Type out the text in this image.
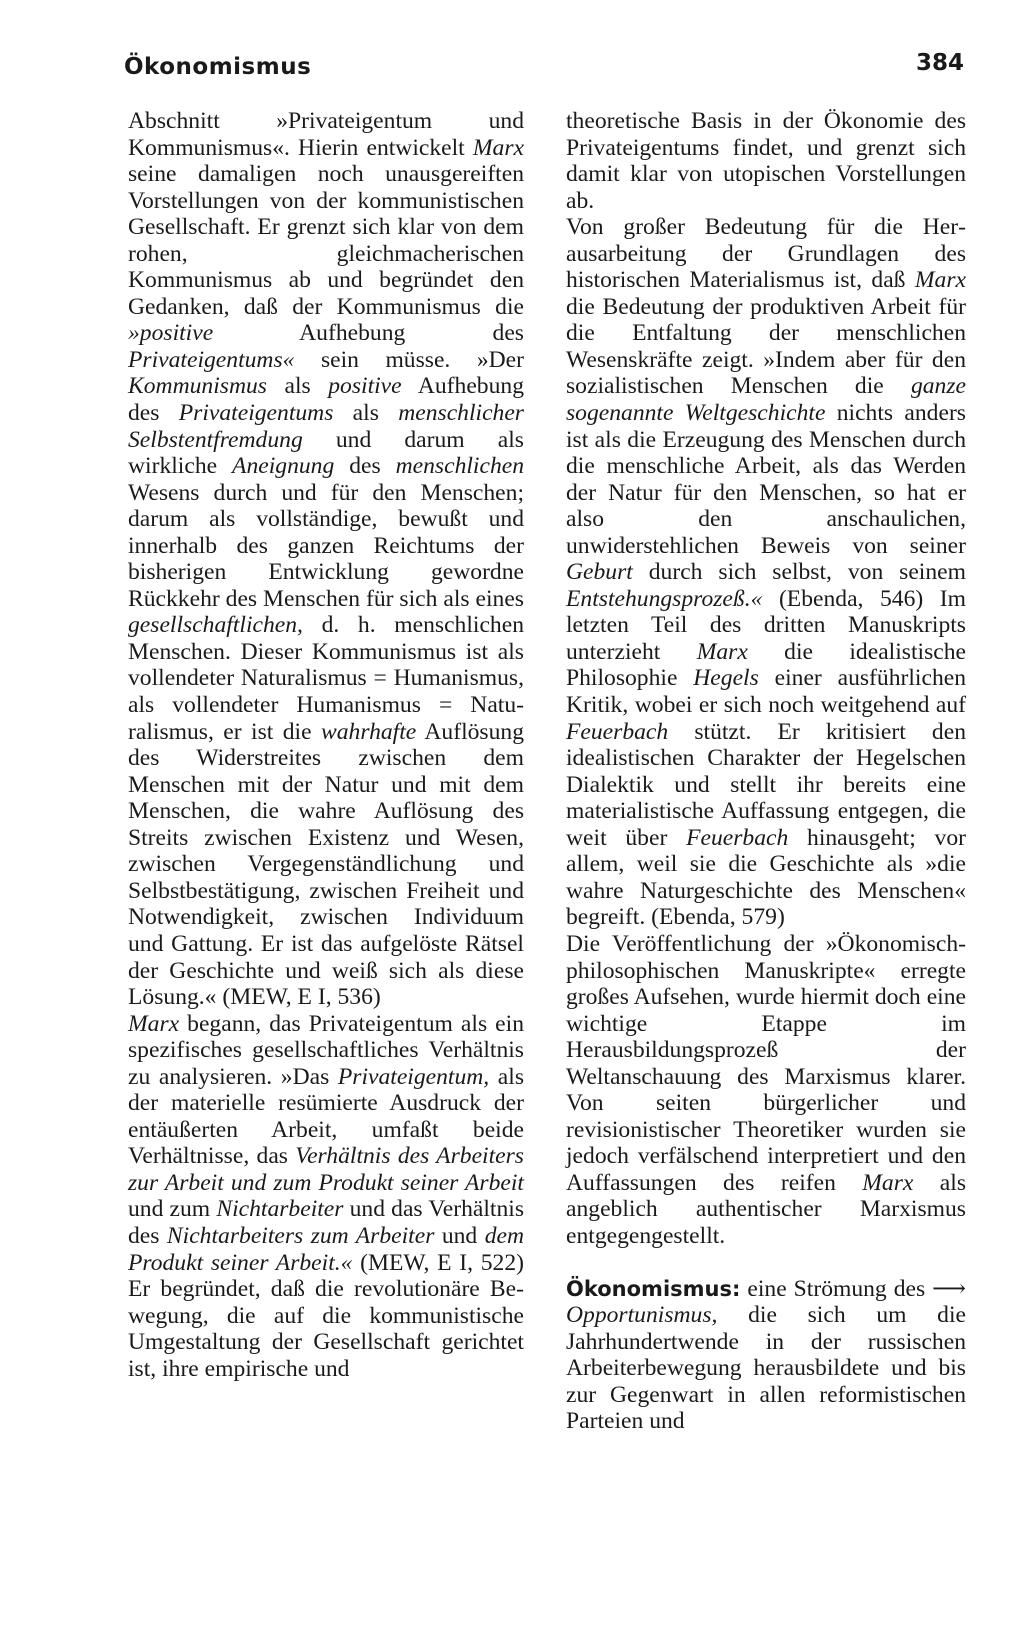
Ökonomismus	384

Abschnitt »Privateigentum und Kommunismus«. Hierin entwickelt Marx seine damaligen noch unausgereiften Vorstellungen von der kommunistischen Gesellschaft. Er grenzt sich klar von dem rohen, gleichmacherischen Kommunismus ab und begründet den Gedanken, daß der Kommunismus die »positive Aufhebung des Privateigentums« sein müsse. »Der Kommunismus als positive Aufhebung des Privateigentums als menschlicher Selbstentfremdung und darum als wirkliche Aneignung des menschlichen Wesens durch und für den Menschen; darum als vollständige, bewußt und innerhalb des ganzen Reichtums der bisherigen Entwicklung gewordne Rückkehr des Menschen für sich als eines gesellschaftlichen, d. h. menschlichen Menschen. Dieser Kommunismus ist als vollendeter Naturalismus = Humanismus, als vollendeter Humanismus = Naturalismus, er ist die wahrhafte Auflösung des Widerstreites zwischen dem Menschen mit der Natur und mit dem Menschen, die wahre Auflösung des Streits zwischen Existenz und Wesen, zwischen Vergegenständlichung und Selbstbestätigung, zwischen Freiheit und Notwendigkeit, zwischen Individuum und Gattung. Er ist das aufgelöste Rätsel der Geschichte und weiß sich als diese Lösung.« (MEW, E I, 536)

Marx begann, das Privateigentum als ein spezifisches gesellschaftliches Verhältnis zu analysieren. »Das Privateigentum, als der materielle resümierte Ausdruck der entäußerten Arbeit, umfaßt beide Verhältnisse, das Verhältnis des Arbeiters zur Arbeit und zum Produkt seiner Arbeit und zum Nichtarbeiter und das Verhältnis des Nichtarbeiters zum Arbeiter und dem Produkt seiner Arbeit.« (MEW, E I, 522) Er begründet, daß die revolutionäre Bewegung, die auf die kommunistische Umgestaltung der Gesellschaft gerichtet ist, ihre empirische und

theoretische Basis in der Ökonomie des Privateigentums findet, und grenzt sich damit klar von utopischen Vorstellungen ab.

Von großer Bedeutung für die Herausarbeitung der Grundlagen des historischen Materialismus ist, daß Marx die Bedeutung der produktiven Arbeit für die Entfaltung der menschlichen Wesenskräfte zeigt. »Indem aber für den sozialistischen Menschen die ganze sogenannte Weltgeschichte nichts anders ist als die Erzeugung des Menschen durch die menschliche Arbeit, als das Werden der Natur für den Menschen, so hat er also den anschaulichen, unwiderstehlichen Beweis von seiner Geburt durch sich selbst, von seinem Entstehungsprozeß.« (Ebenda, 546) Im letzten Teil des dritten Manuskripts unterzieht Marx die idealistische Philosophie Hegels einer ausführlichen Kritik, wobei er sich noch weitgehend auf Feuerbach stützt. Er kritisiert den idealistischen Charakter der Hegelschen Dialektik und stellt ihr bereits eine materialistische Auffassung entgegen, die weit über Feuerbach hinausgeht; vor allem, weil sie die Geschichte als »die wahre Naturgeschichte des Menschen« begreift. (Ebenda, 579)

Die Veröffentlichung der »Ökonomisch-philosophischen Manuskripte« erregte großes Aufsehen, wurde hiermit doch eine wichtige Etappe im Herausbildungsprozeß der Weltanschauung des Marxismus klarer. Von seiten bürgerlicher und revisionistischer Theoretiker wurden sie jedoch verfälschend interpretiert und den Auffassungen des reifen Marx als angeblich authentischer Marxismus entgegengestellt.

Ökonomismus: eine Strömung des ⟶ Opportunismus, die sich um die Jahrhundertwende in der russischen Arbeiterbewegung herausbildete und bis zur Gegenwart in allen reformistischen Parteien und
